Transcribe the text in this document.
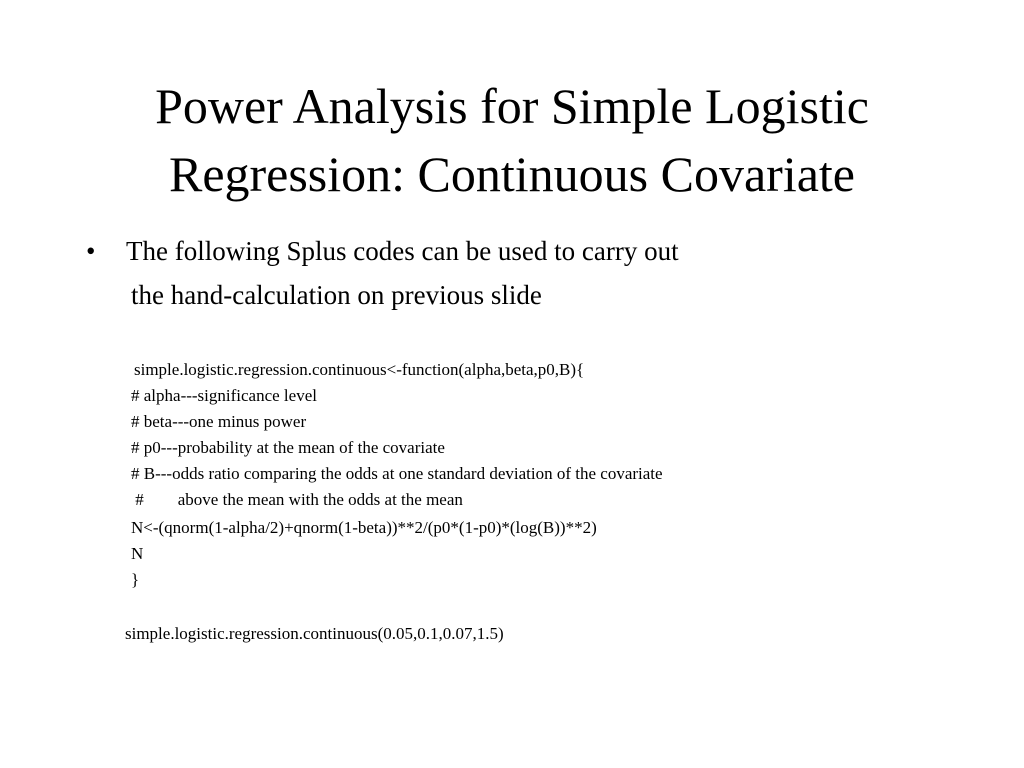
Power Analysis for Simple Logistic
Regression: Continuous Covariate
•	The following Splus codes can be used to carry out
the hand-calculation on previous slide
simple.logistic.regression.continuous<-function(alpha,beta,p0,B){
# alpha---significance level
# beta---one minus power
# p0---probability at the mean of the covariate
# B---odds ratio comparing the odds at one standard deviation of the covariate
#        above the mean with the odds at the mean
N<-(qnorm(1-alpha/2)+qnorm(1-beta))**2/(p0*(1-p0)*(log(B))**2)
N
}
simple.logistic.regression.continuous(0.05,0.1,0.07,1.5)
